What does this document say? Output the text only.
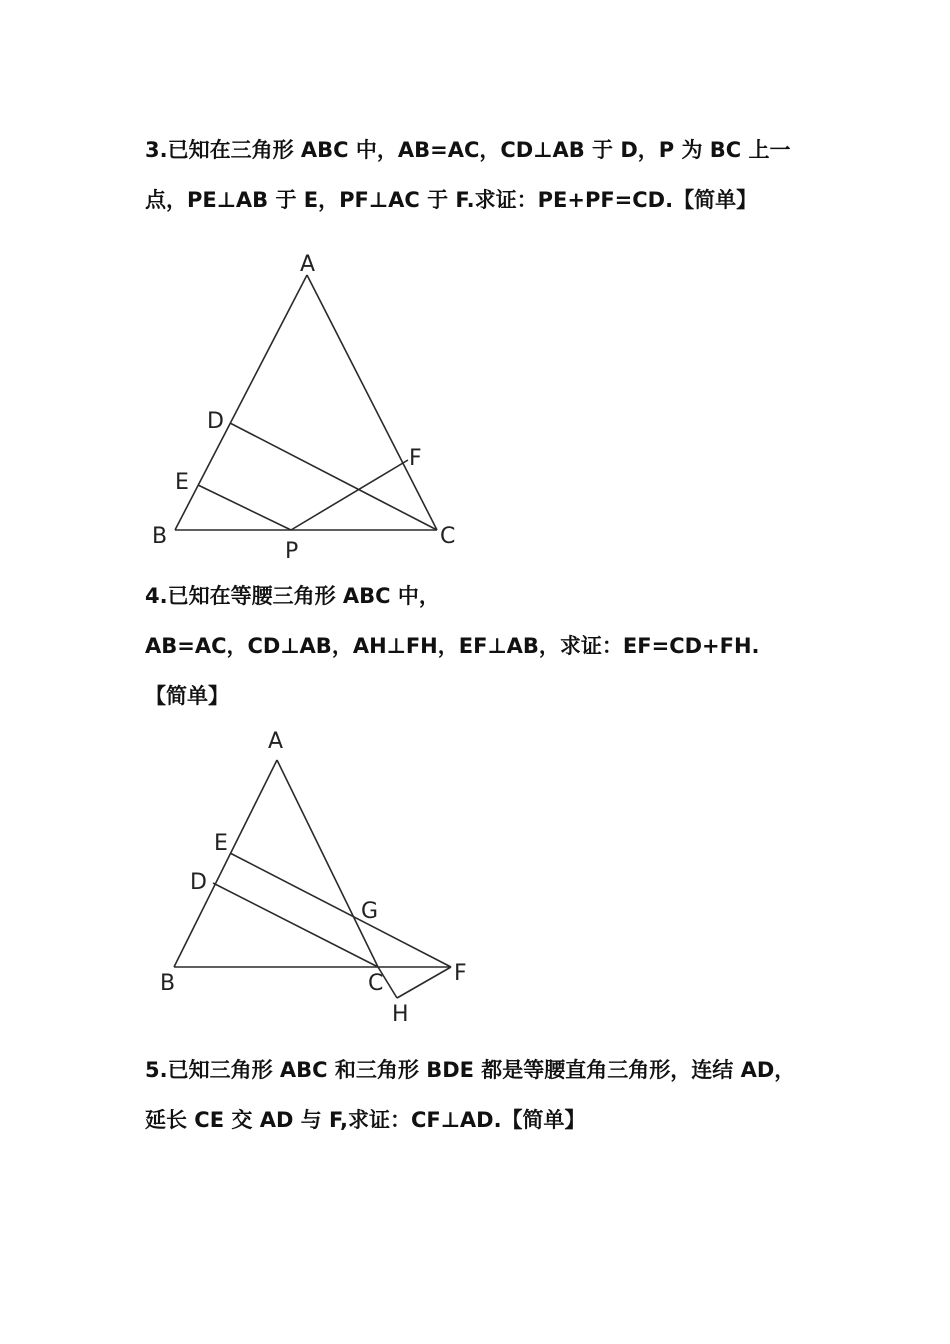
3.已知在三角形 ABC 中，AB=AC，CD⊥AB 于 D，P 为 BC 上一
点，PE⊥AB 于 E，PF⊥AC 于 F.求证：PE+PF=CD.【简单】
A
B	C
D
E
F
P
4.已知在等腰三角形 ABC 中，
AB=AC，CD⊥AB，AH⊥FH，EF⊥AB，求证：EF=CD+FH.
【简单】
A
B	C
D
E
F
G
H
5.已知三角形 ABC 和三角形 BDE 都是等腰直角三角形，连结 AD，
延长 CE 交 AD 与 F,求证：CF⊥AD.【简单】
